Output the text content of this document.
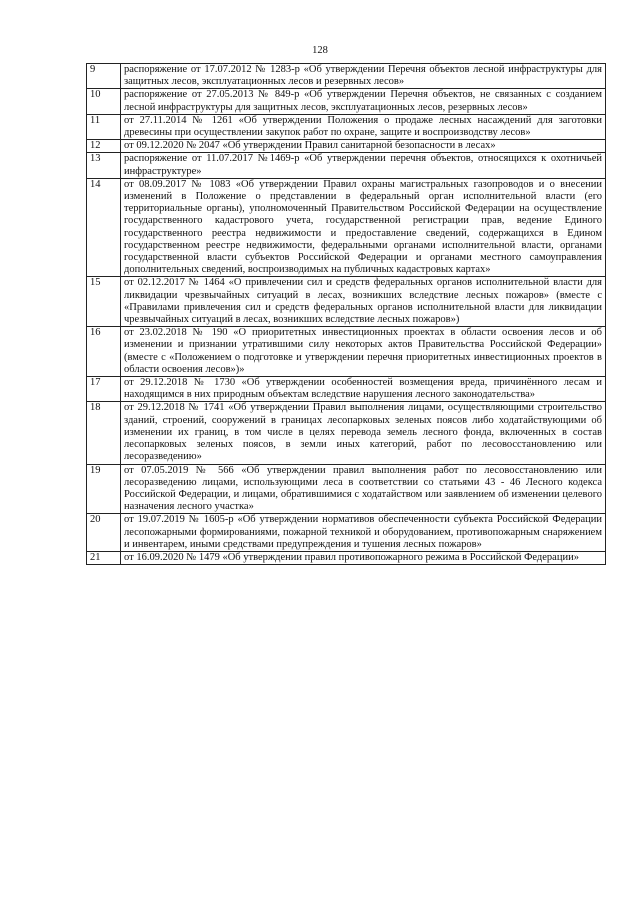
128
9	распоряжение от 17.07.2012 № 1283-р «Об утверждении Перечня объектов лесной инфраструктуры для защитных лесов, эксплуатационных лесов и резервных лесов»
10	распоряжение от 27.05.2013 № 849-р «Об утверждении Перечня объектов, не связанных с созданием лесной инфраструктуры для защитных лесов, эксплуатационных лесов, резервных лесов»
11	от 27.11.2014 № 1261 «Об утверждении Положения о продаже лесных насаждений для заготовки древесины при осуществлении закупок работ по охране, защите и воспроизводству лесов»
12	от 09.12.2020 № 2047 «Об утверждении Правил санитарной безопасности в лесах»
13	распоряжение от 11.07.2017 №1469-р «Об утверждении перечня объектов, относящихся к охотничьей инфраструктуре»
14	от 08.09.2017 № 1083 «Об утверждении Правил охраны магистральных газопроводов и о внесении изменений в Положение о представлении в федеральный орган исполнительной власти (его территориальные органы), уполномоченный Правительством Российской Федерации на осуществление государственного кадастрового учета, государственной регистрации прав, ведение Единого государственного реестра недвижимости и предоставление сведений, содержащихся в Едином государственном реестре недвижимости, федеральными органами исполнительной власти, органами государственной власти субъектов Российской Федерации и органами местного самоуправления дополнительных сведений, воспроизводимых на публичных кадастровых картах»
15	от 02.12.2017 № 1464 «О привлечении сил и средств федеральных органов исполнительной власти для ликвидации чрезвычайных ситуаций в лесах, возникших вследствие лесных пожаров» (вместе с «Правилами привлечения сил и средств федеральных органов исполнительной власти для ликвидации чрезвычайных ситуаций в лесах, возникших вследствие лесных пожаров»)
16	от 23.02.2018 № 190 «О приоритетных инвестиционных проектах в области освоения лесов и об изменении и признании утратившими силу некоторых актов Правительства Российской Федерации» (вместе с «Положением о подготовке и утверждении перечня приоритетных инвестиционных проектов в области освоения лесов»)»
17	от 29.12.2018 № 1730 «Об утверждении особенностей возмещения вреда, причинённого лесам и находящимся в них природным объектам вследствие нарушения лесного законодательства»
18	от 29.12.2018 № 1741 «Об утверждении Правил выполнения лицами, осуществляющими строительство зданий, строений, сооружений в границах лесопарковых зеленых поясов либо ходатайствующими об изменении их границ, в том числе в целях перевода земель лесного фонда, включенных в состав лесопарковых зеленых поясов, в земли иных категорий, работ по лесовосстановлению или лесоразведению»
19	от 07.05.2019 № 566 «Об утверждении правил выполнения работ по лесовосстановлению или лесоразведению лицами, использующими леса в соответствии со статьями 43 - 46 Лесного кодекса Российской Федерации, и лицами, обратившимися с ходатайством или заявлением об изменении целевого назначения лесного участка»
20	от 19.07.2019 № 1605-р «Об утверждении нормативов обеспеченности субъекта Российской Федерации лесопожарными формированиями, пожарной техникой и оборудованием, противопожарным снаряжением и инвентарем, иными средствами предупреждения и тушения лесных пожаров»
21	от 16.09.2020 № 1479 «Об утверждении правил противопожарного режима в Российской Федерации»
